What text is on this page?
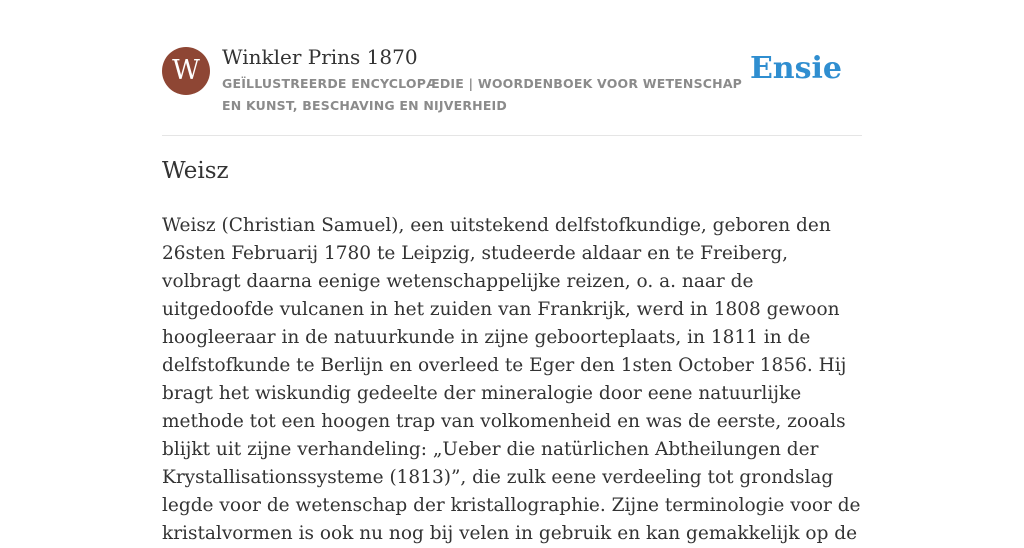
W	Winkler Prins 1870
GEÏLLUSTREERDE ENCYCLOPÆDIE | WOORDENBOEK VOOR WETENSCHAP EN KUNST, BESCHAVING EN NIJVERHEID
Ensie
Weisz

Weisz (Christian Samuel), een uitstekend delfstofkundige, geboren den 26sten Februarij 1780 te Leipzig, studeerde aldaar en te Freiberg, volbragt daarna eenige wetenschappelijke reizen, o. a. naar de uitgedoofde vulcanen in het zuiden van Frankrijk, werd in 1808 gewoon hoogleeraar in de natuurkunde in zijne geboorteplaats, in 1811 in de delfstofkunde te Berlijn en overleed te Eger den 1sten October 1856. Hij bragt het wiskundig gedeelte der mineralogie door eene natuurlijke methode tot een hoogen trap van volkomenheid en was de eerste, zooals blijkt uit zijne verhandeling: „Ueber die natürlichen Abtheilungen der Krystallisationssysteme (1813)”, die zulk eene verdeeling tot grondslag legde voor de wetenschap der kristallographie. Zijne terminologie voor de kristalvormen is ook nu nog bij velen in gebruik en kan gemakkelijk op de
